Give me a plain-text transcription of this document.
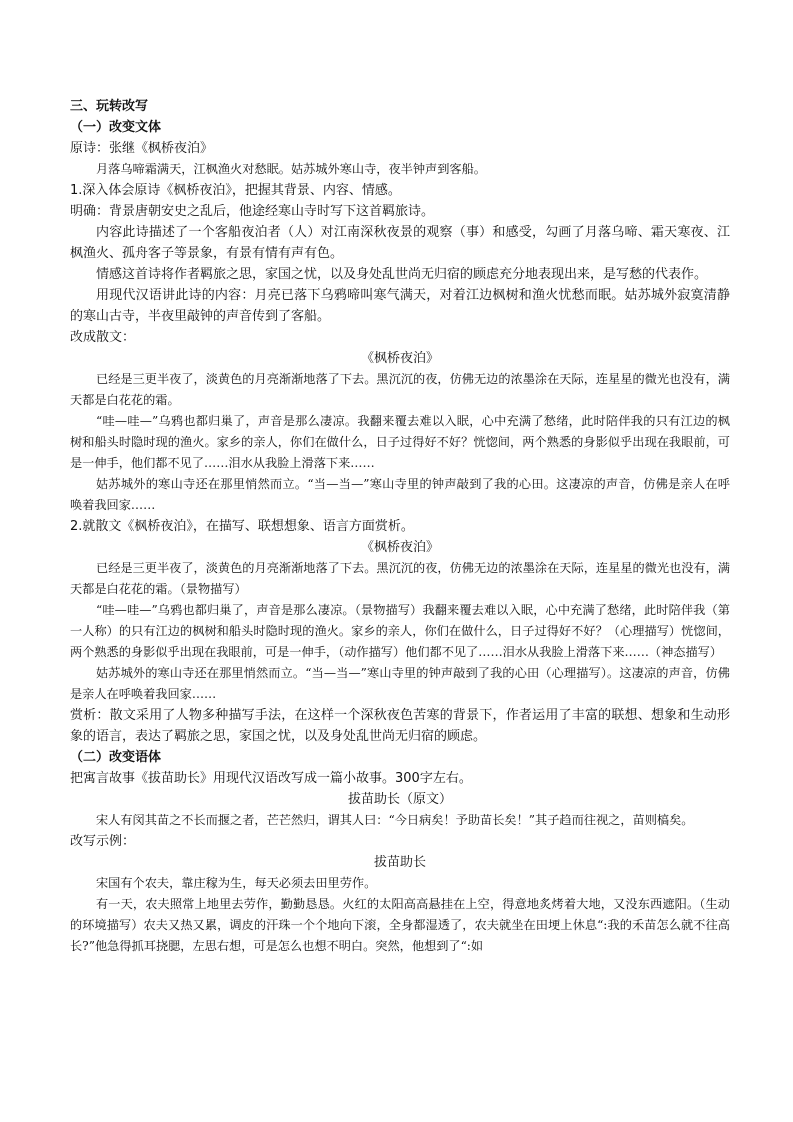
三、玩转改写
（一）改变文体
原诗：张继《枫桥夜泊》
月落乌啼霜满天，江枫渔火对愁眠。姑苏城外寒山寺，夜半钟声到客船。
1.深入体会原诗《枫桥夜泊》，把握其背景、内容、情感。
明确：背景唐朝安史之乱后，他途经寒山寺时写下这首羁旅诗。
内容此诗描述了一个客船夜泊者（人）对江南深秋夜景的观察（事）和感受，勾画了月落乌啼、霜天寒夜、江枫渔火、孤舟客子等景象，有景有情有声有色。
情感这首诗将作者羁旅之思，家国之忧，以及身处乱世尚无归宿的顾虑充分地表现出来，是写愁的代表作。
用现代汉语讲此诗的内容：月亮已落下乌鸦啼叫寒气满天，对着江边枫树和渔火忧愁而眠。姑苏城外寂寞清静的寒山古寺，半夜里敲钟的声音传到了客船。
改成散文：
《枫桥夜泊》
已经是三更半夜了，淡黄色的月亮渐渐地落了下去。黑沉沉的夜，仿佛无边的浓墨涂在天际，连星星的微光也没有，满天都是白花花的霜。
“哇—哇—”乌鸦也都归巢了，声音是那么凄凉。我翻来覆去难以入眠，心中充满了愁绪，此时陪伴我的只有江边的枫树和船头时隐时现的渔火。家乡的亲人，你们在做什么，日子过得好不好？恍惚间，两个熟悉的身影似乎出现在我眼前，可是一伸手，他们都不见了……泪水从我脸上滑落下来……
姑苏城外的寒山寺还在那里悄然而立。“当—当—”寒山寺里的钟声敲到了我的心田。这凄凉的声音，仿佛是亲人在呼唤着我回家……
2.就散文《枫桥夜泊》，在描写、联想想象、语言方面赏析。
《枫桥夜泊》
已经是三更半夜了，淡黄色的月亮渐渐地落了下去。黑沉沉的夜，仿佛无边的浓墨涂在天际，连星星的微光也没有，满天都是白花花的霜。（景物描写）
“哇—哇—”乌鸦也都归巢了，声音是那么凄凉。（景物描写）我翻来覆去难以入眠，心中充满了愁绪，此时陪伴我（第一人称）的只有江边的枫树和船头时隐时现的渔火。家乡的亲人，你们在做什么，日子过得好不好？（心理描写）恍惚间，两个熟悉的身影似乎出现在我眼前，可是一伸手，（动作描写）他们都不见了……泪水从我脸上滑落下来……（神态描写）
姑苏城外的寒山寺还在那里悄然而立。“当—当—”寒山寺里的钟声敲到了我的心田（心理描写）。这凄凉的声音，仿佛是亲人在呼唤着我回家……
赏析：散文采用了人物多种描写手法，在这样一个深秋夜色苦寒的背景下，作者运用了丰富的联想、想象和生动形象的语言，表达了羁旅之思，家国之忧，以及身处乱世尚无归宿的顾虑。
（二）改变语体
把寓言故事《拔苗助长》用现代汉语改写成一篇小故事。300字左右。
拔苗助长（原文）
宋人有闵其苗之不长而揠之者，芒芒然归，谓其人曰：“今日病矣！予助苗长矣！”其子趋而往视之，苗则槁矣。
改写示例：
拔苗助长
宋国有个农夫，靠庄稼为生，每天必须去田里劳作。
有一天，农夫照常上地里去劳作，勤勤恳恳。火红的太阳高高悬挂在上空，得意地炙烤着大地，又没东西遮阳。（生动的环境描写）农夫又热又累，调皮的汗珠一个个地向下滚，全身都湿透了，农夫就坐在田埂上休息“:我的禾苗怎么就不往高长?”他急得抓耳挠腮，左思右想，可是怎么也想不明白。突然，他想到了“:如
